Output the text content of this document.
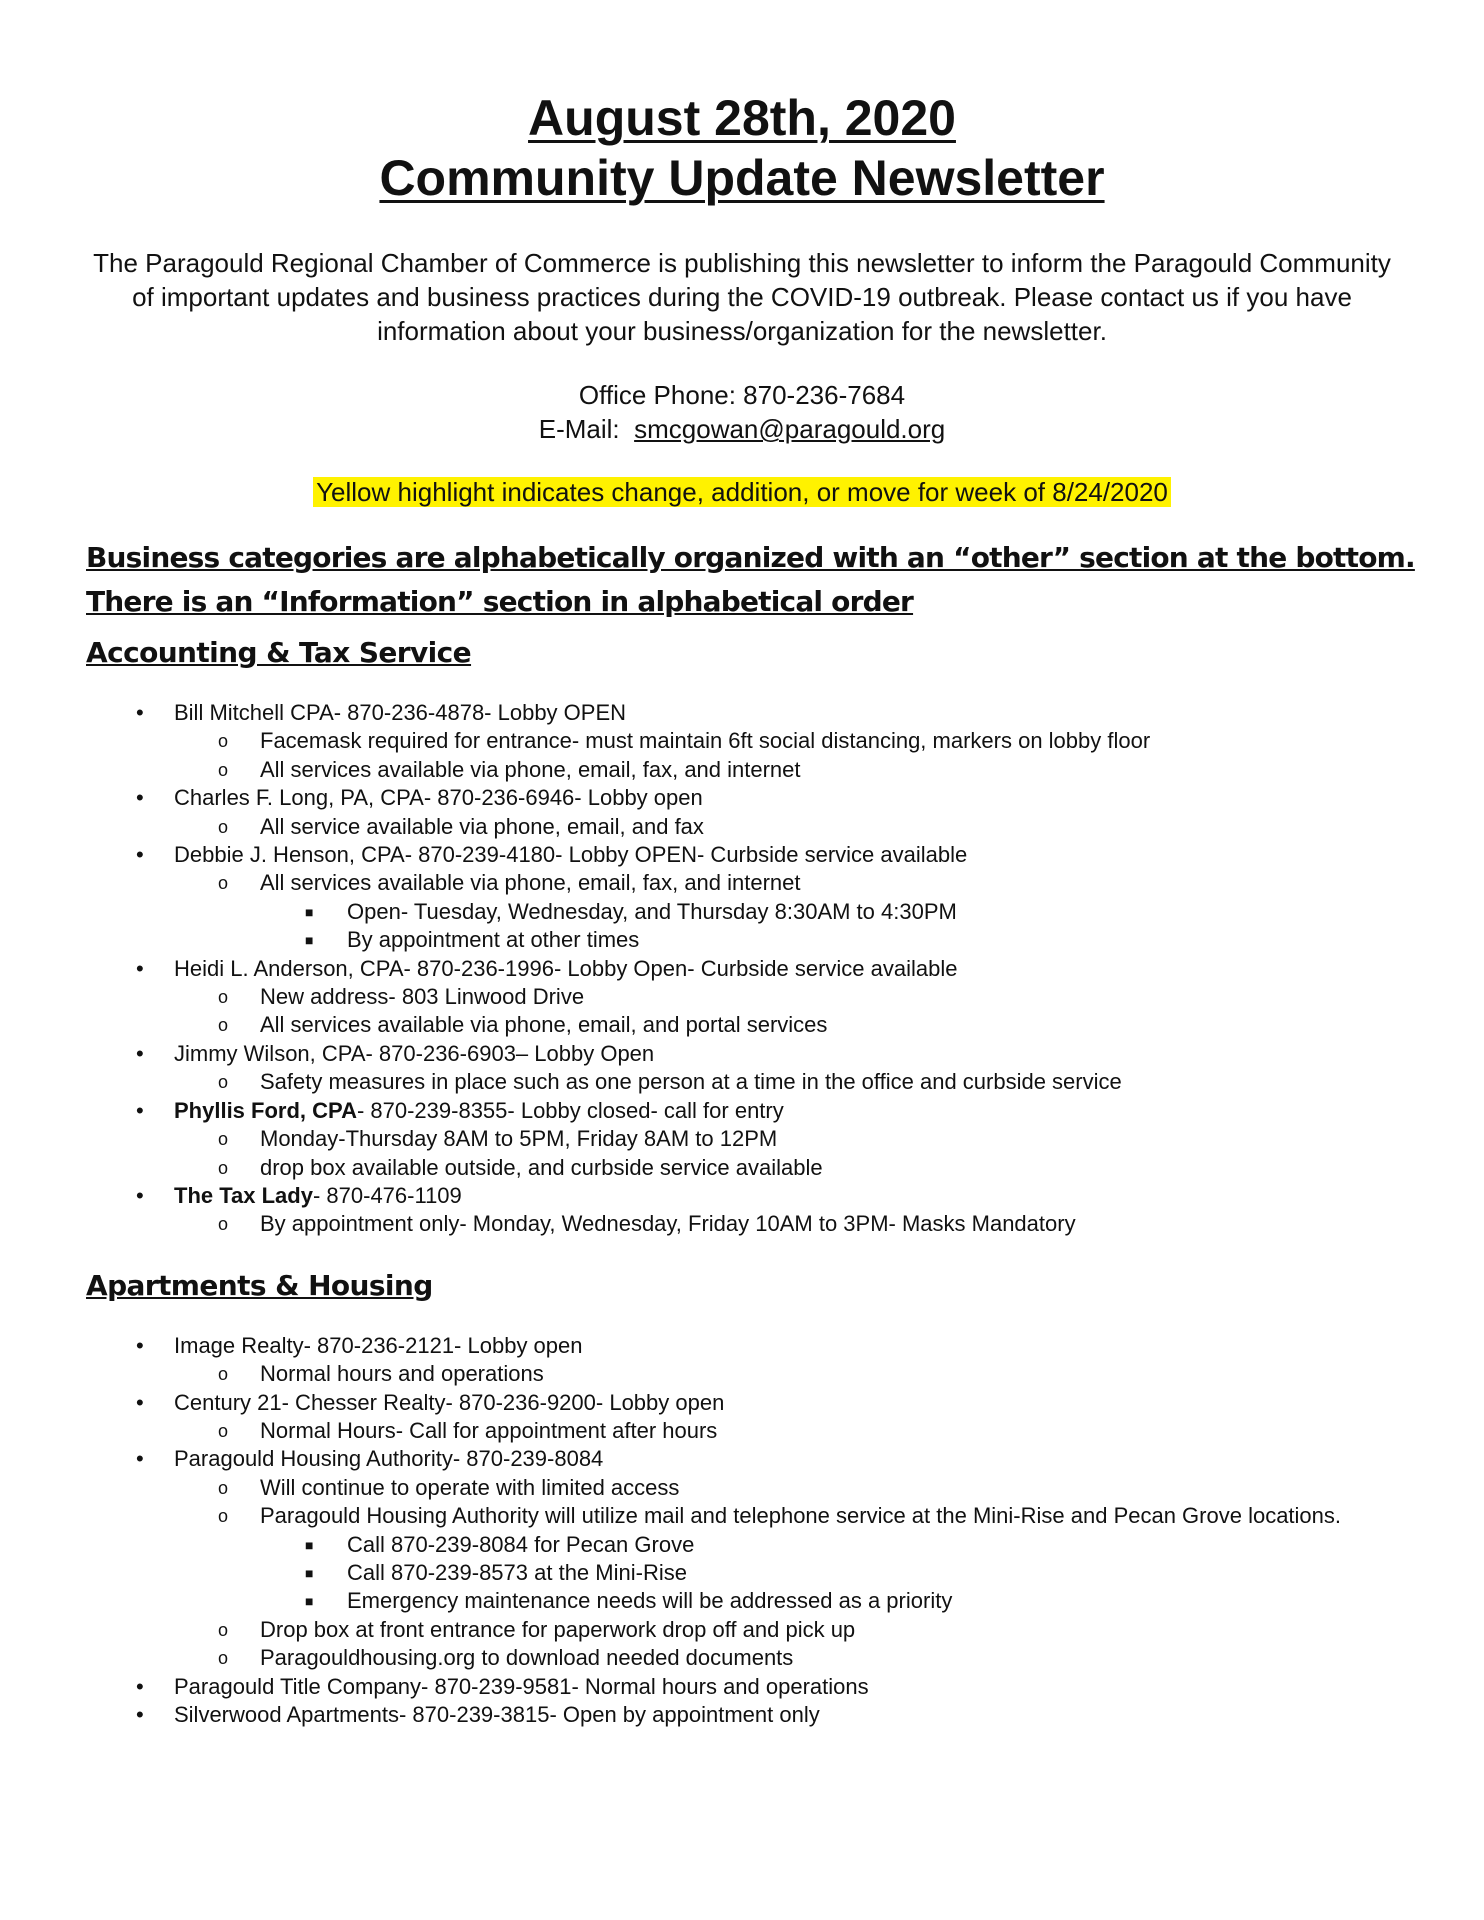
August 28th, 2020
Community Update Newsletter

The Paragould Regional Chamber of Commerce is publishing this newsletter to inform the Paragould Community of important updates and business practices during the COVID-19 outbreak. Please contact us if you have information about your business/organization for the newsletter.

Office Phone: 870-236-7684
E-Mail: smcgowan@paragould.org
Yellow highlight indicates change, addition, or move for week of 8/24/2020
Business categories are alphabetically organized with an “other” section at the bottom.
There is an “Information” section in alphabetical order
Accounting & Tax Service
• Bill Mitchell CPA- 870-236-4878- Lobby OPEN
o Facemask required for entrance- must maintain 6ft social distancing, markers on lobby floor
o All services available via phone, email, fax, and internet
• Charles F. Long, PA, CPA- 870-236-6946- Lobby open
o All service available via phone, email, and fax
• Debbie J. Henson, CPA- 870-239-4180- Lobby OPEN- Curbside service available
o All services available via phone, email, fax, and internet
■ Open- Tuesday, Wednesday, and Thursday 8:30AM to 4:30PM
■ By appointment at other times
• Heidi L. Anderson, CPA- 870-236-1996- Lobby Open- Curbside service available
o New address- 803 Linwood Drive
o All services available via phone, email, and portal services
• Jimmy Wilson, CPA- 870-236-6903– Lobby Open
o Safety measures in place such as one person at a time in the office and curbside service
• Phyllis Ford, CPA- 870-239-8355- Lobby closed- call for entry
o Monday-Thursday 8AM to 5PM, Friday 8AM to 12PM
o drop box available outside, and curbside service available
• The Tax Lady- 870-476-1109
o By appointment only- Monday, Wednesday, Friday 10AM to 3PM- Masks Mandatory
Apartments & Housing
• Image Realty- 870-236-2121- Lobby open
o Normal hours and operations
• Century 21- Chesser Realty- 870-236-9200- Lobby open
o Normal Hours- Call for appointment after hours
• Paragould Housing Authority- 870-239-8084
o Will continue to operate with limited access
o Paragould Housing Authority will utilize mail and telephone service at the Mini-Rise and Pecan Grove locations.
■ Call 870-239-8084 for Pecan Grove
■ Call 870-239-8573 at the Mini-Rise
■ Emergency maintenance needs will be addressed as a priority
o Drop box at front entrance for paperwork drop off and pick up
o Paragouldhousing.org to download needed documents
• Paragould Title Company- 870-239-9581- Normal hours and operations
• Silverwood Apartments- 870-239-3815- Open by appointment only
